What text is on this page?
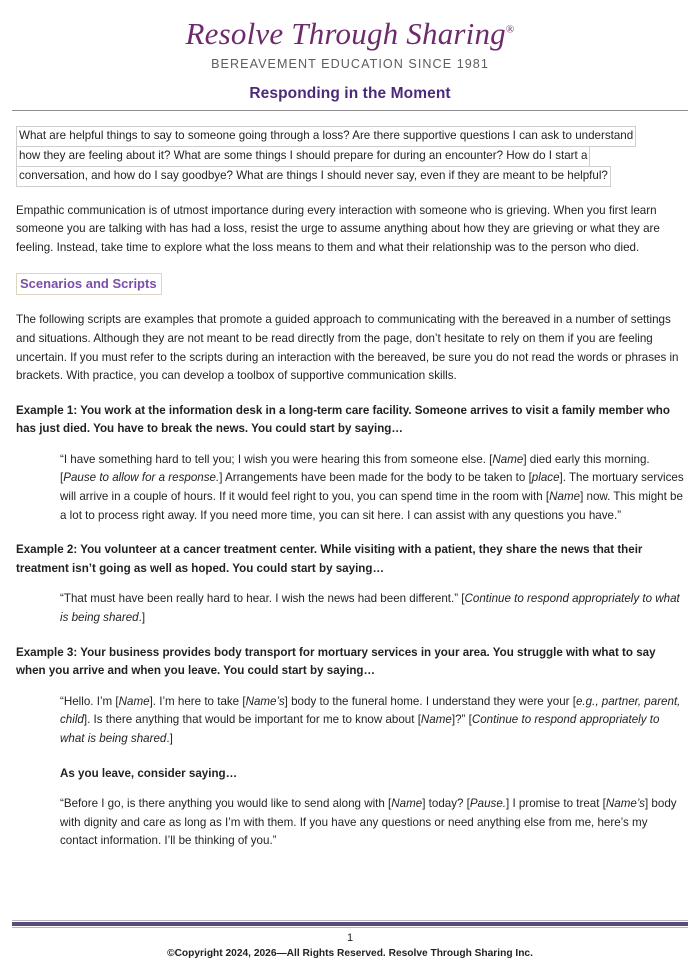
Resolve Through Sharing®
BEREAVEMENT EDUCATION SINCE 1981
Responding in the Moment
What are helpful things to say to someone going through a loss? Are there supportive questions I can ask to understand
how they are feeling about it? What are some things I should prepare for during an encounter? How do I start a
conversation, and how do I say goodbye? What are things I should never say, even if they are meant to be helpful?

Empathic communication is of utmost importance during every interaction with someone who is grieving. When you first learn someone you are talking with has had a loss, resist the urge to assume anything about how they are grieving or what they are feeling. Instead, take time to explore what the loss means to them and what their relationship was to the person who died.

Scenarios and Scripts

The following scripts are examples that promote a guided approach to communicating with the bereaved in a number of settings and situations. Although they are not meant to be read directly from the page, don’t hesitate to rely on them if you are feeling uncertain. If you must refer to the scripts during an interaction with the bereaved, be sure you do not read the words or phrases in brackets. With practice, you can develop a toolbox of supportive communication skills.

Example 1: You work at the information desk in a long-term care facility. Someone arrives to visit a family member who has just died. You have to break the news. You could start by saying…

“I have something hard to tell you; I wish you were hearing this from someone else. [Name] died early this morning. [Pause to allow for a response.] Arrangements have been made for the body to be taken to [place]. The mortuary services will arrive in a couple of hours. If it would feel right to you, you can spend time in the room with [Name] now. This might be a lot to process right away. If you need more time, you can sit here. I can assist with any questions you have.”

Example 2: You volunteer at a cancer treatment center. While visiting with a patient, they share the news that their treatment isn’t going as well as hoped. You could start by saying…

“That must have been really hard to hear. I wish the news had been different.” [Continue to respond appropriately to what is being shared.]

Example 3: Your business provides body transport for mortuary services in your area. You struggle with what to say when you arrive and when you leave. You could start by saying…

“Hello. I’m [Name]. I’m here to take [Name’s] body to the funeral home. I understand they were your [e.g., partner, parent, child]. Is there anything that would be important for me to know about [Name]?” [Continue to respond appropriately to what is being shared.]

As you leave, consider saying…

“Before I go, is there anything you would like to send along with [Name] today? [Pause.] I promise to treat [Name’s] body with dignity and care as long as I’m with them. If you have any questions or need anything else from me, here’s my contact information. I’ll be thinking of you.”

1
©Copyright 2024, 2026—All Rights Reserved. Resolve Through Sharing Inc.
